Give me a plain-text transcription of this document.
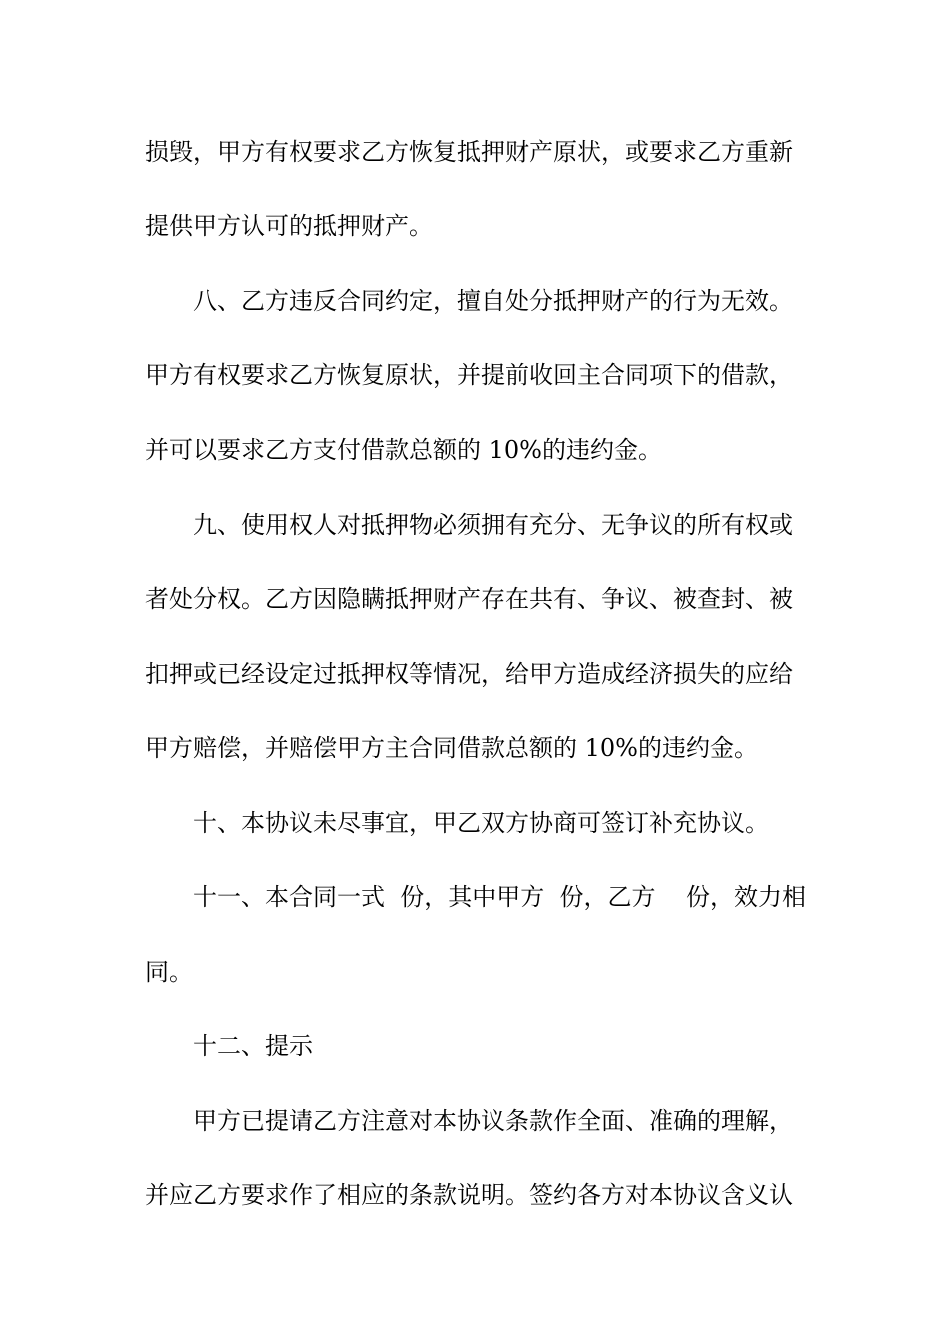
损毁，甲方有权要求乙方恢复抵押财产原状，或要求乙方重新
提供甲方认可的抵押财产。
八、乙方违反合同约定，擅自处分抵押财产的行为无效。
甲方有权要求乙方恢复原状，并提前收回主合同项下的借款，
并可以要求乙方支付借款总额的 10%的违约金。
九、使用权人对抵押物必须拥有充分、无争议的所有权或
者处分权。乙方因隐瞒抵押财产存在共有、争议、被查封、被
扣押或已经设定过抵押权等情况，给甲方造成经济损失的应给
甲方赔偿，并赔偿甲方主合同借款总额的 10%的违约金。
十、本协议未尽事宜，甲乙双方协商可签订补充协议。
十一、本合同一式  份，其中甲方  份，乙方    份，效力相
同。
十二、提示
甲方已提请乙方注意对本协议条款作全面、准确的理解，
并应乙方要求作了相应的条款说明。签约各方对本协议含义认
